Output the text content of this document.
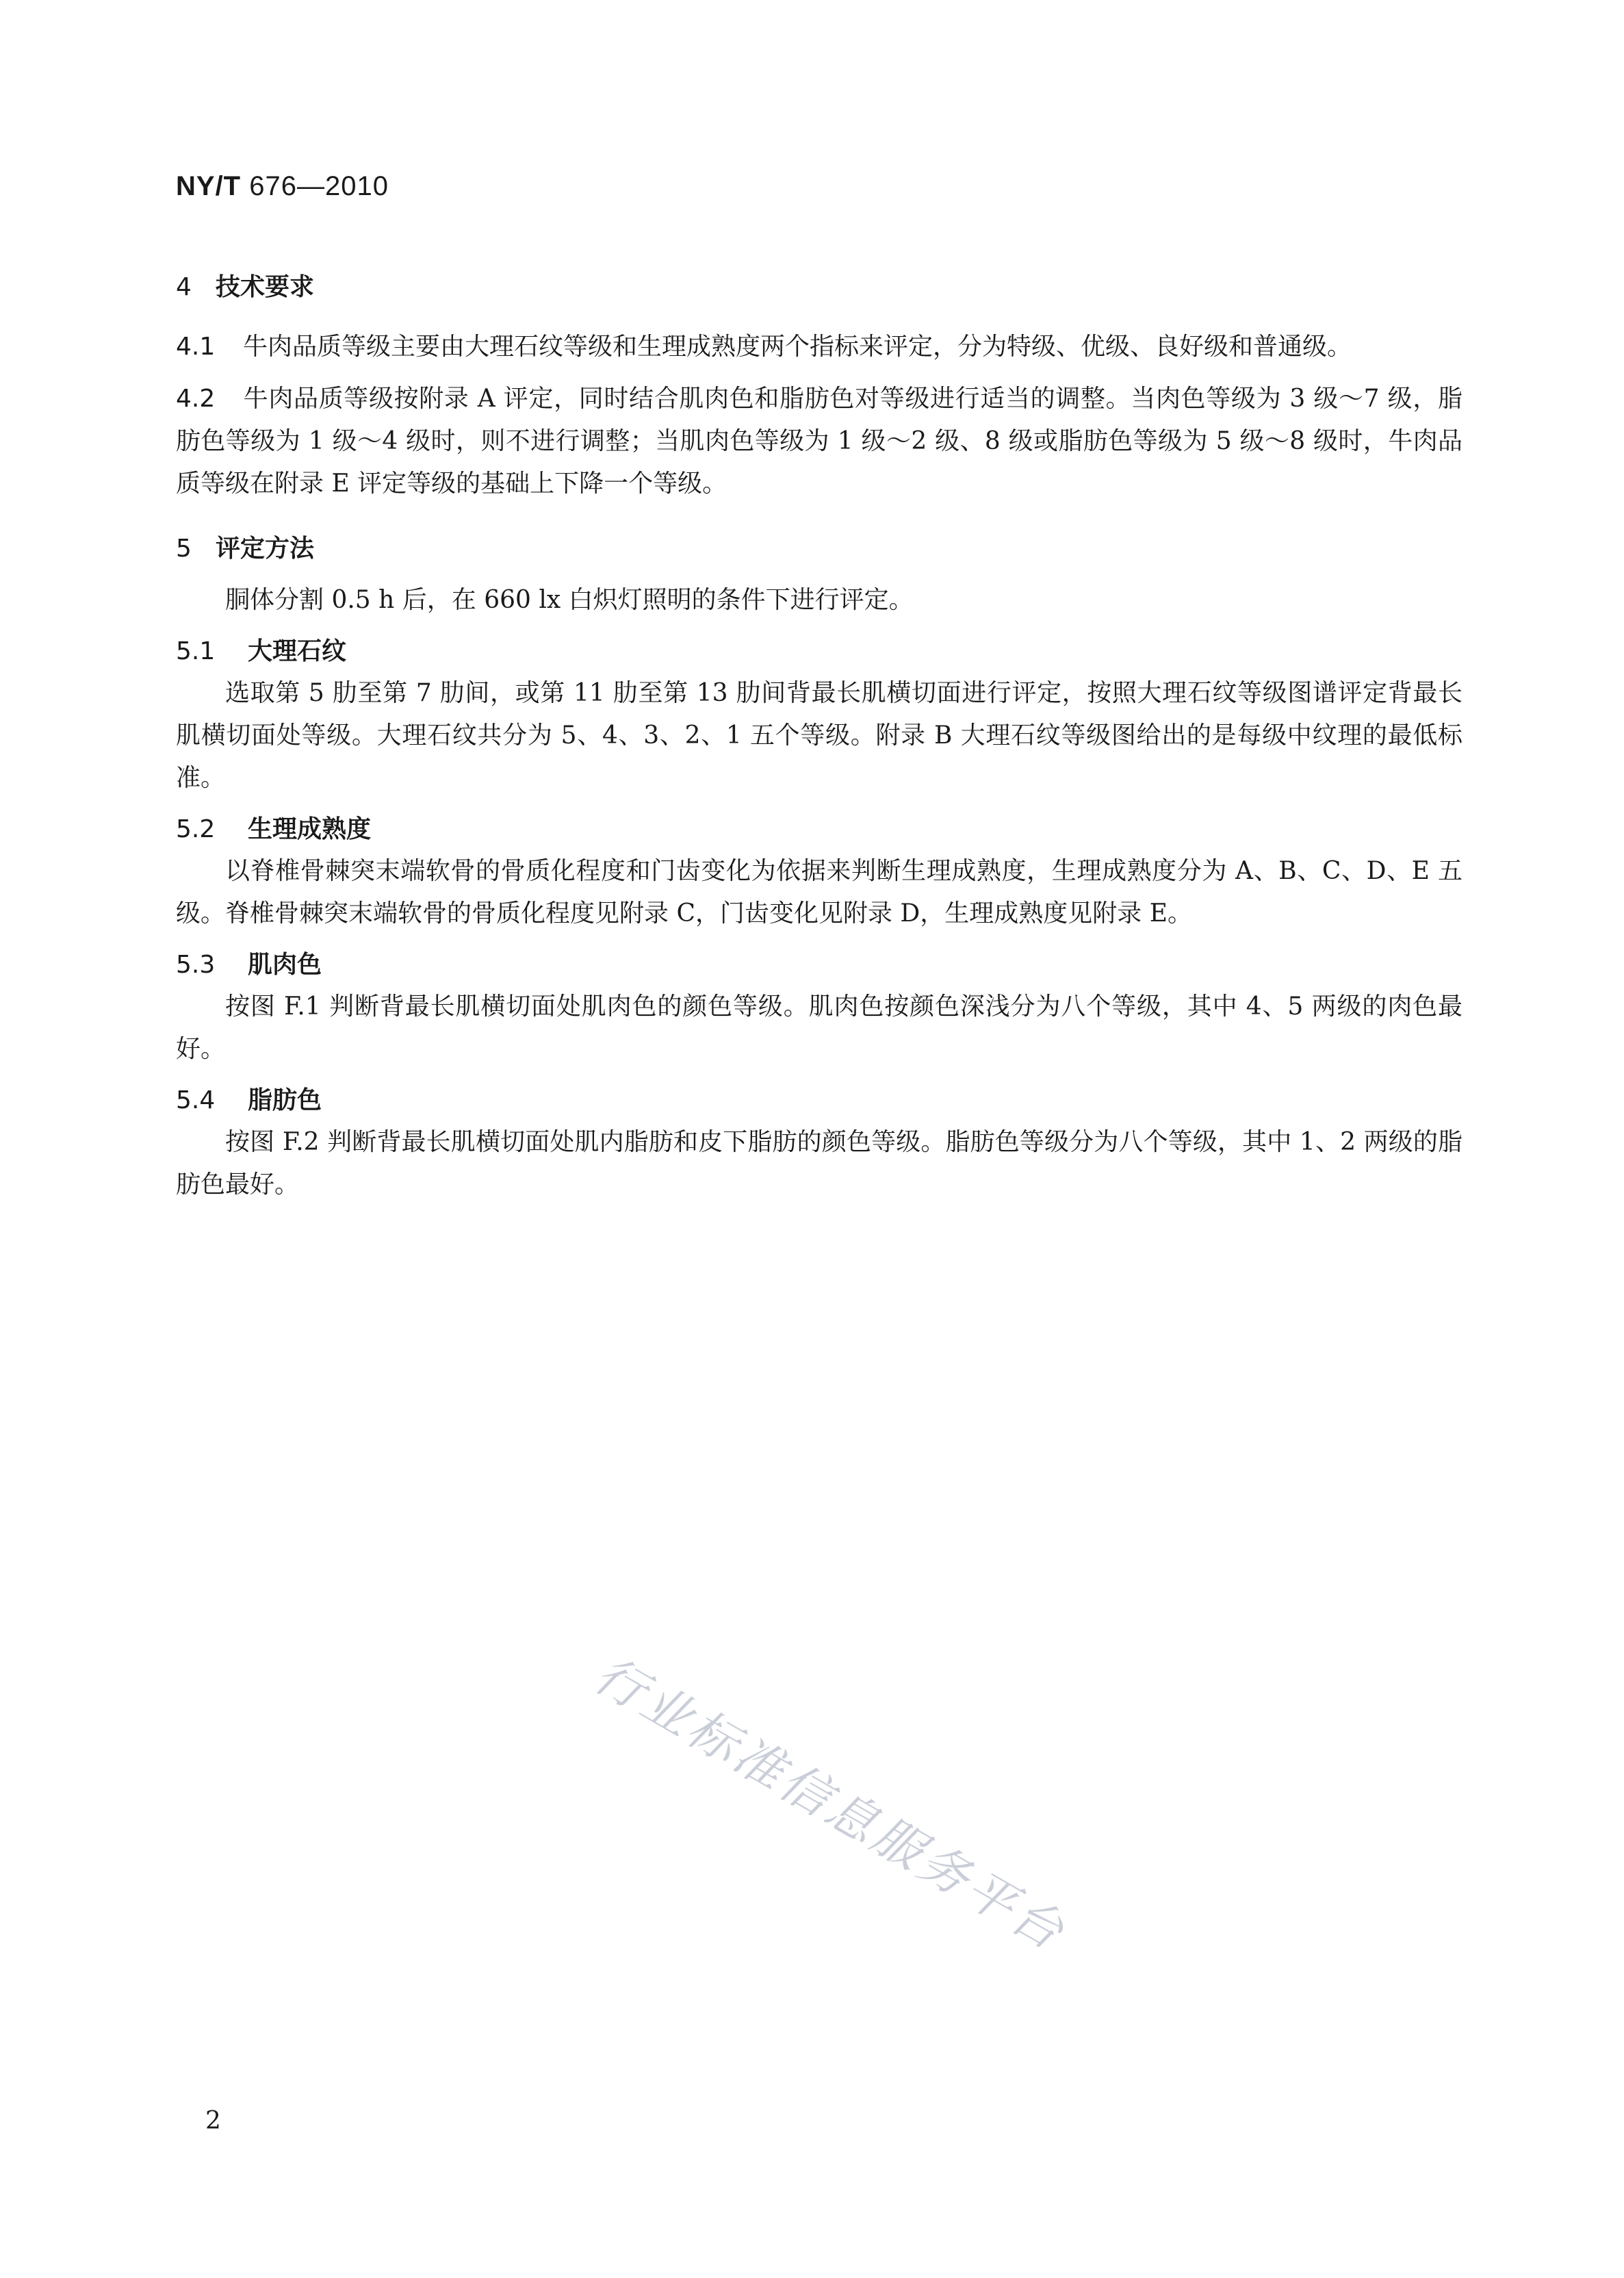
NY/T 676—2010
4 技术要求

4.1 牛肉品质等级主要由大理石纹等级和生理成熟度两个指标来评定，分为特级、优级、良好级和普通级。

4.2 牛肉品质等级按附录 A 评定，同时结合肌肉色和脂肪色对等级进行适当的调整。当肉色等级为 3 级～7 级，脂肪色等级为 1 级～4 级时，则不进行调整；当肌肉色等级为 1 级～2 级、8 级或脂肪色等级为 5 级～8 级时，牛肉品质等级在附录 E 评定等级的基础上下降一个等级。

5 评定方法

胴体分割 0.5 h 后，在 660 lx 白炽灯照明的条件下进行评定。

5.1 大理石纹

选取第 5 肋至第 7 肋间，或第 11 肋至第 13 肋间背最长肌横切面进行评定，按照大理石纹等级图谱评定背最长肌横切面处等级。大理石纹共分为 5、4、3、2、1 五个等级。附录 B 大理石纹等级图给出的是每级中纹理的最低标准。

5.2 生理成熟度

以脊椎骨棘突末端软骨的骨质化程度和门齿变化为依据来判断生理成熟度，生理成熟度分为 A、B、C、D、E 五级。脊椎骨棘突末端软骨的骨质化程度见附录 C，门齿变化见附录 D，生理成熟度见附录 E。

5.3 肌肉色

按图 F.1 判断背最长肌横切面处肌肉色的颜色等级。肌肉色按颜色深浅分为八个等级，其中 4、5 两级的肉色最好。

5.4 脂肪色

按图 F.2 判断背最长肌横切面处肌内脂肪和皮下脂肪的颜色等级。脂肪色等级分为八个等级，其中 1、2 两级的脂肪色最好。

行业标准信息服务平台
2
